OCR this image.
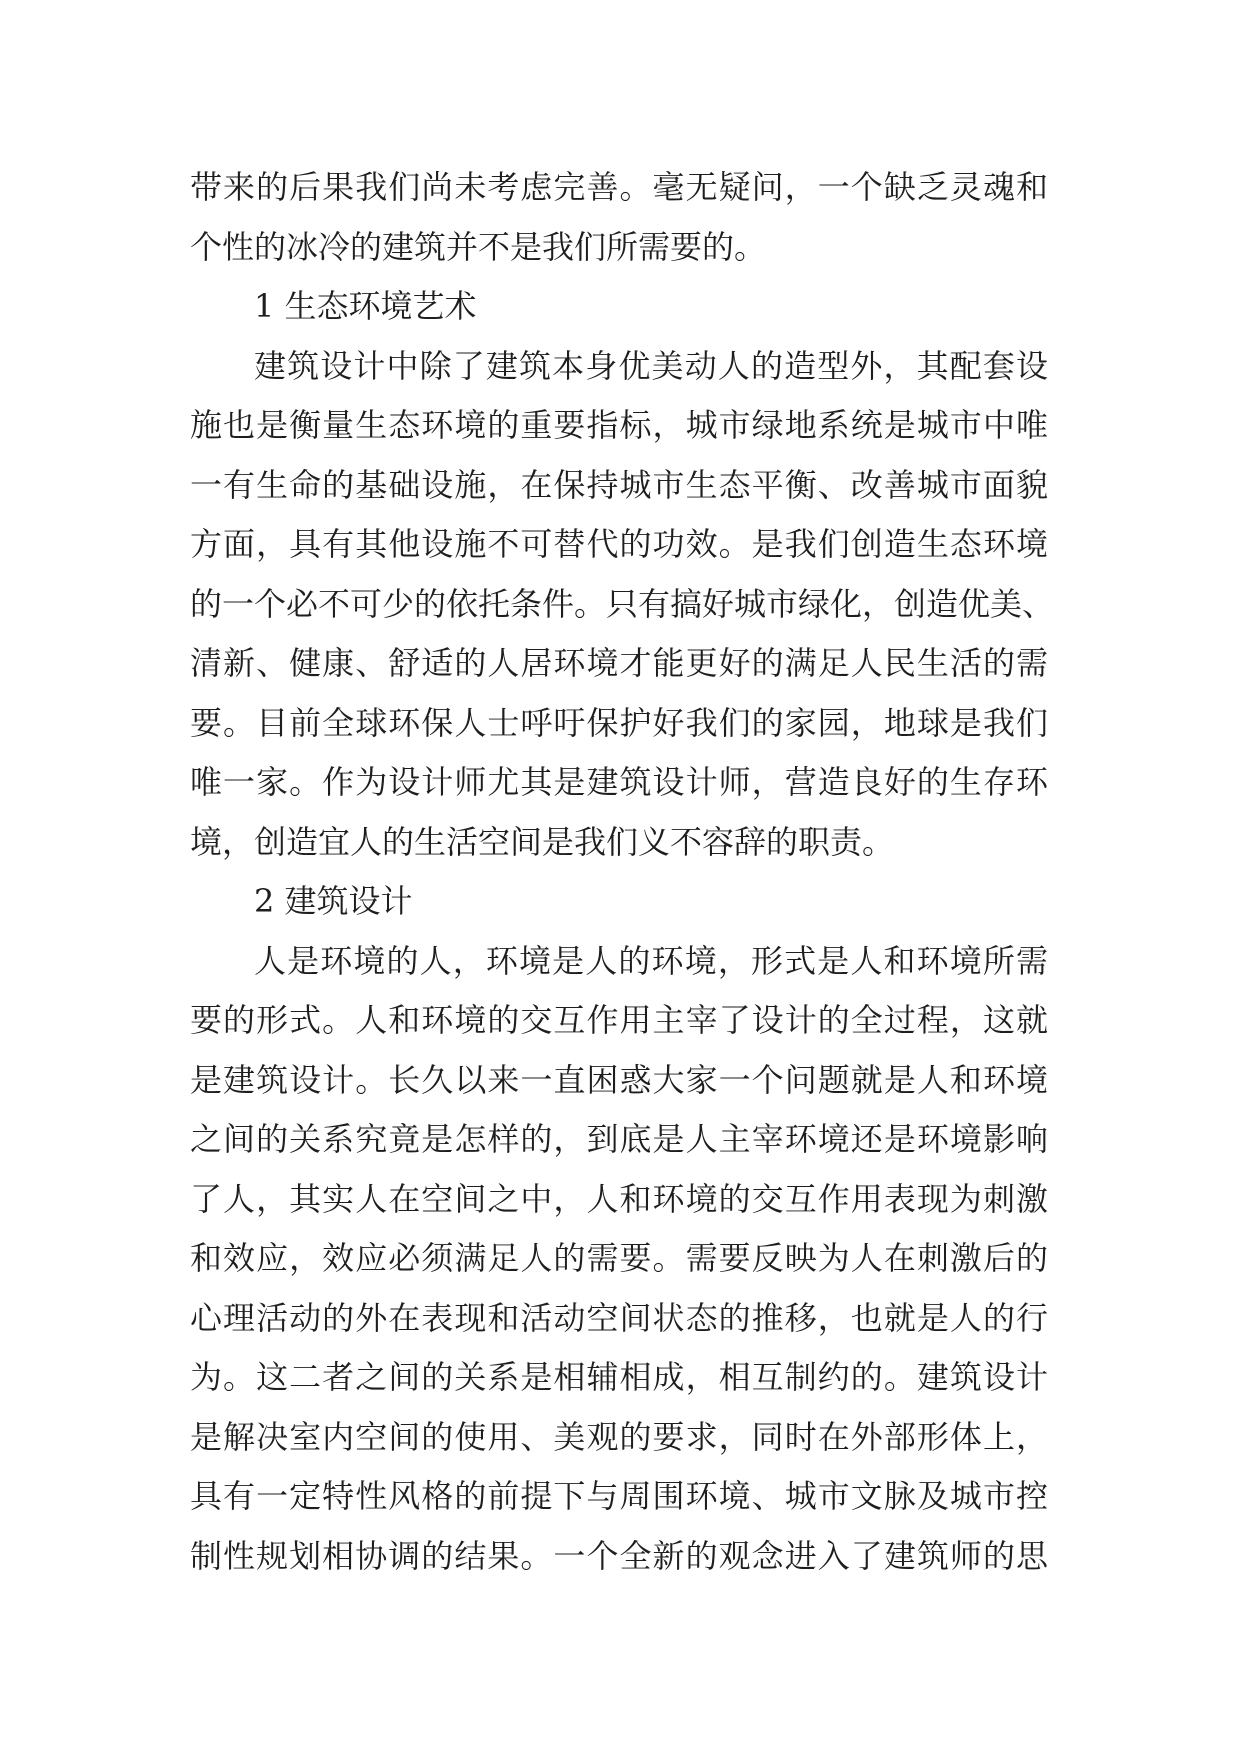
带来的后果我们尚未考虑完善。毫无疑问，一个缺乏灵魂和
个性的冰冷的建筑并不是我们所需要的。
1 生态环境艺术
建筑设计中除了建筑本身优美动人的造型外，其配套设
施也是衡量生态环境的重要指标，城市绿地系统是城市中唯
一有生命的基础设施，在保持城市生态平衡、改善城市面貌
方面，具有其他设施不可替代的功效。是我们创造生态环境
的一个必不可少的依托条件。只有搞好城市绿化，创造优美、
清新、健康、舒适的人居环境才能更好的满足人民生活的需
要。目前全球环保人士呼吁保护好我们的家园，地球是我们
唯一家。作为设计师尤其是建筑设计师，营造良好的生存环
境，创造宜人的生活空间是我们义不容辞的职责。
2 建筑设计
人是环境的人，环境是人的环境，形式是人和环境所需
要的形式。人和环境的交互作用主宰了设计的全过程，这就
是建筑设计。长久以来一直困惑大家一个问题就是人和环境
之间的关系究竟是怎样的，到底是人主宰环境还是环境影响
了人，其实人在空间之中，人和环境的交互作用表现为刺激
和效应，效应必须满足人的需要。需要反映为人在刺激后的
心理活动的外在表现和活动空间状态的推移，也就是人的行
为。这二者之间的关系是相辅相成，相互制约的。建筑设计
是解决室内空间的使用、美观的要求，同时在外部形体上，
具有一定特性风格的前提下与周围环境、城市文脉及城市控
制性规划相协调的结果。一个全新的观念进入了建筑师的思
